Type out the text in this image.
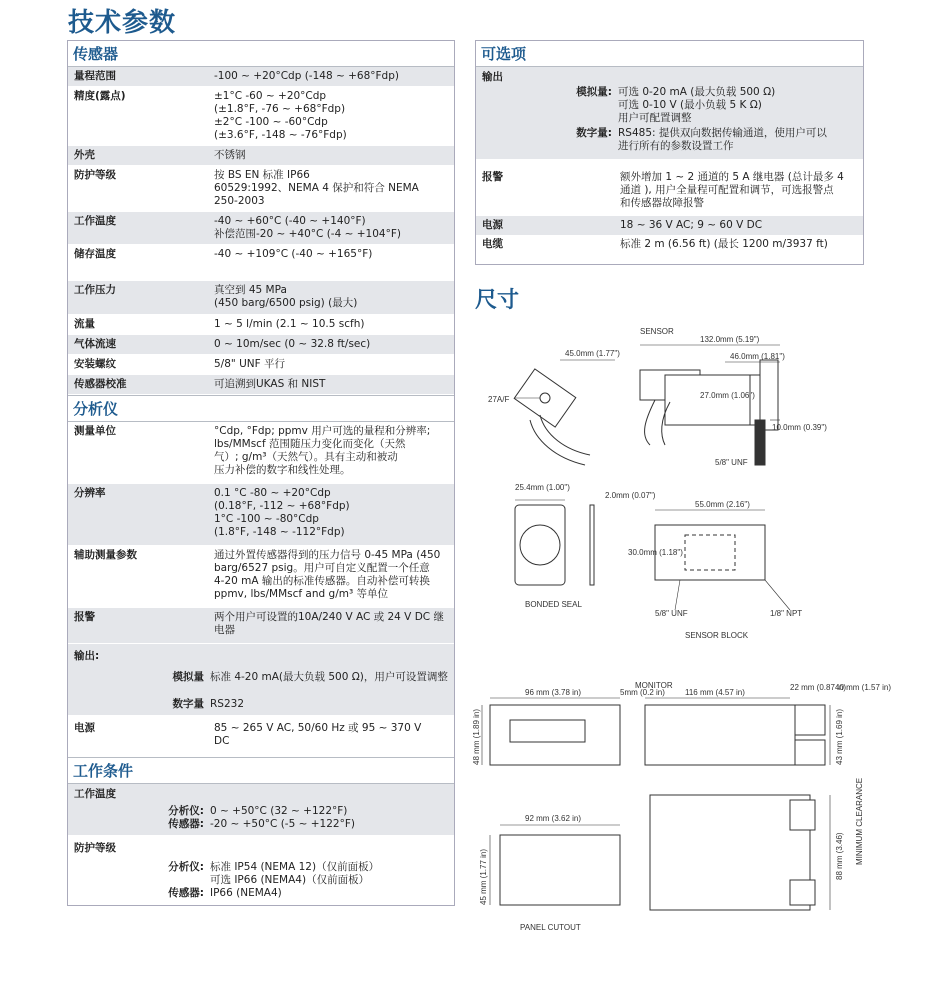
技术参数
传感器
量程范围	-100 ~ +20°Cdp (-148 ~ +68°Fdp)
精度(露点)	±1°C -60 ~ +20°Cdp
(±1.8°F, -76 ~ +68°Fdp)
±2°C -100 ~ -60°Cdp
(±3.6°F, -148 ~ -76°Fdp)
外壳	不锈钢
防护等级	按 BS EN 标准 IP66
60529:1992、NEMA 4 保护和符合 NEMA
250-2003
工作温度	-40 ~ +60°C (-40 ~ +140°F)
补偿范围-20 ~ +40°C (-4 ~ +104°F)
储存温度	-40 ~ +109°C (-40 ~ +165°F)

工作压力	真空到 45 MPa
(450 barg/6500 psig) (最大)
流量	1 ~ 5 l/min (2.1 ~ 10.5 scfh)
气体流速	0 ~ 10m/sec (0 ~ 32.8 ft/sec)
安装螺纹	5/8" UNF 平行
传感器校准	可追溯到UKAS 和 NIST
分析仪
测量单位	°Cdp, °Fdp; ppmv 用户可选的量程和分辨率;
lbs/MMscf 范围随压力变化而变化（天然
气）; g/m³（天然气）。具有主动和被动
压力补偿的数字和线性处理。
分辨率	0.1 °C -80 ~ +20°Cdp
(0.18°F, -112 ~ +68°Fdp)
1°C -100 ~ -80°Cdp
(1.8°F, -148 ~ -112°Fdp)
辅助测量参数	通过外置传感器得到的压力信号 0-45 MPa (450
barg/6527 psig。用户可自定义配置一个任意
4-20 mA 输出的标准传感器。自动补偿可转换
ppmv, lbs/MMscf and g/m³ 等单位
报警	两个用户可设置的10A/240 V AC 或 24 V DC 继电器
输出:
模拟量 标准 4-20 mA(最大负载 500 Ω)，用户可设置调整
数字量 RS232
电源	85 ~ 265 V AC, 50/60 Hz 或 95 ~ 370 V
DC
工作条件
工作温度
分析仪: 0 ~ +50°C (32 ~ +122°F)
传感器: -20 ~ +50°C (-5 ~ +122°F)
防护等级
分析仪: 标准 IP54 (NEMA 12)（仅前面板）
可选 IP66 (NEMA4)（仅前面板）
传感器: IP66 (NEMA4)
可选项
输出
模拟量: 可选 0-20 mA (最大负载 500 Ω)
可选 0-10 V (最小负载 5 K Ω)
用户可配置调整
数字量: RS485: 提供双向数据传输通道，使用户可以
进行所有的参数设置工作
报警	额外增加 1 ~ 2 通道的 5 A 继电器 (总计最多 4
通道 ), 用户全量程可配置和调节，可选报警点
和传感器故障报警
电源	18 ~ 36 V AC; 9 ~ 60 V DC
电缆	标准 2 m (6.56 ft) (最长 1200 m/3937 ft)
尺寸
SENSOR
45.0mm (1.77")
27A/F
132.0mm (5.19")
46.0mm (1.81")
27.0mm (1.06")
10.0mm (0.39")
5/8" UNF
25.4mm (1.00")
2.0mm (0.07")
55.0mm (2.16")
30.0mm (1.18")
BONDED SEAL
5/8" UNF	1/8" NPT
SENSOR BLOCK
MONITOR
96 mm (3.78 in)	5mm (0.2 in)	116 mm (4.57 in)
22 mm (0.87 in)
40 mm (1.57 in)
48 mm (1.89 in)	43 mm (1.69 in)
MINIMUM CLEARANCE
92 mm (3.62 in)
45 mm (1.77 in)	88 mm (3.46)
PANEL CUTOUT
